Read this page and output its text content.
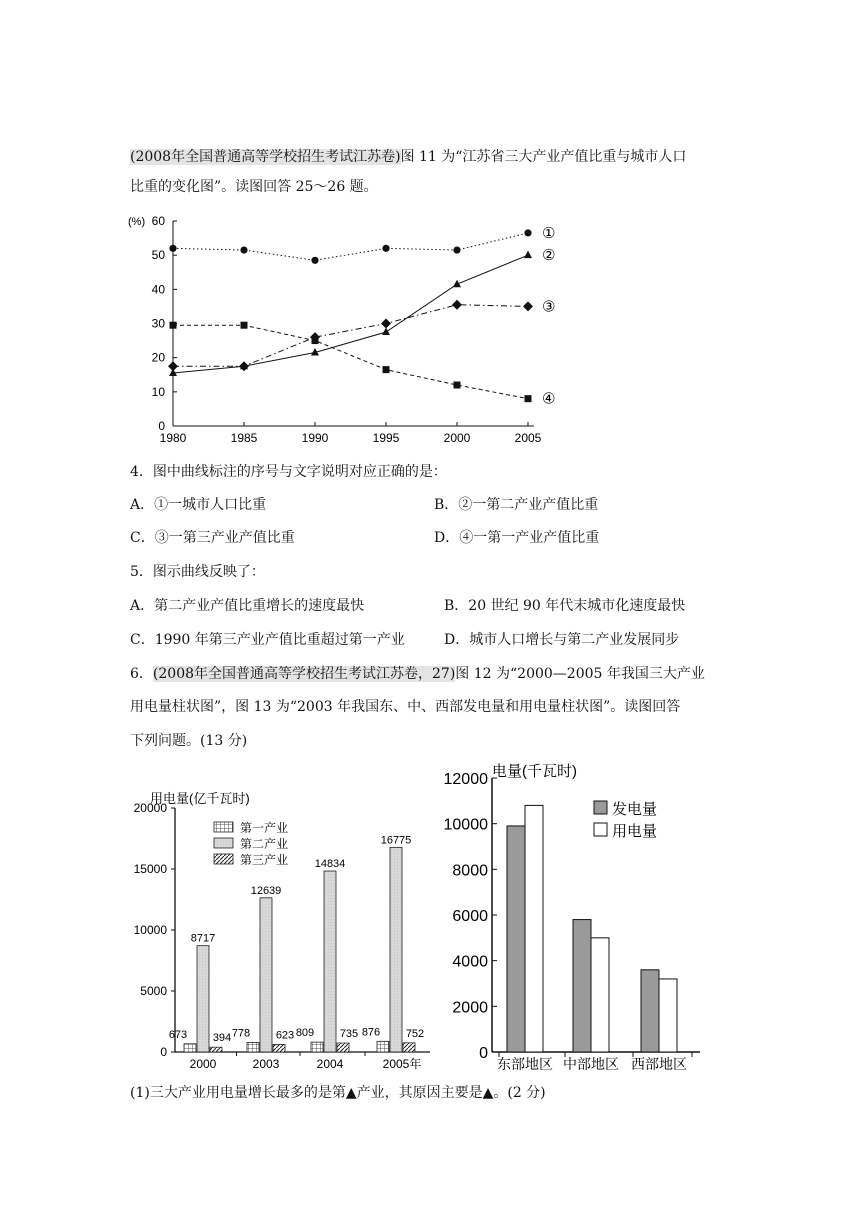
(2008年全国普通高等学校招生考试江苏卷)图 11 为“江苏省三大产业产值比重与城市人口
比重的变化图”。读图回答 25～26 题。
0
10
20
30
40
50
60
(%)
1980	1985	1990	1995	2000	2005
①
②
③
④
0
5000
10000
15000
20000
用电量(亿千瓦时)
2000
673
8717
394
2003
778
12639
623
2004
809
14834
735
2005年
876
16775
752
第一产业
第二产业
第三产业
0
2000
4000
6000
8000
10000
12000 电量(千瓦时)
东部地区 中部地区 西部地区
发电量
用电量
4．图中曲线标注的序号与文字说明对应正确的是：
A．①一城市人口比重	B．②一第二产业产值比重
C．③一第三产业产值比重	D．④一第一产业产值比重
5．图示曲线反映了：
A．第二产业产值比重增长的速度最快	B．20 世纪 90 年代末城市化速度最快
C．1990 年第三产业产值比重超过第一产业	D．城市人口增长与第二产业发展同步
6．(2008年全国普通高等学校招生考试江苏卷，27)图 12 为“2000—2005 年我国三大产业
用电量柱状图”，图 13 为“2003 年我国东、中、西部发电量和用电量柱状图”。读图回答
下列问题。(13 分)
(1)三大产业用电量增长最多的是第▲产业，其原因主要是▲。(2 分)
